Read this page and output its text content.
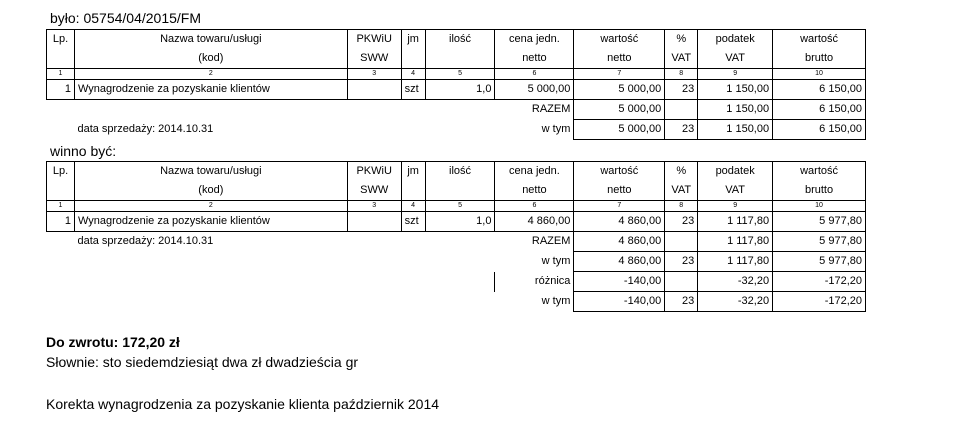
było: 05754/04/2015/FM
Lp.	Nazwa towaru/usługi	PKWiU	jm	ilość	cena jedn.	wartość	%	podatek	wartość
	(kod)	SWW			netto	netto	VAT	VAT	brutto
1	2	3	4	5	6	7	8	9	10
1	Wynagrodzenie za pozyskanie klientów		szt	1,0	5 000,00	5 000,00	23	1 150,00	6 150,00
					RAZEM	5 000,00		1 150,00	6 150,00
	data sprzedaży: 2014.10.31				w tym	5 000,00	23	1 150,00	6 150,00
winno być:
Lp.	Nazwa towaru/usługi	PKWiU	jm	ilość	cena jedn.	wartość	%	podatek	wartość
	(kod)	SWW			netto	netto	VAT	VAT	brutto
1	2	3	4	5	6	7	8	9	10
1	Wynagrodzenie za pozyskanie klientów		szt	1,0	4 860,00	4 860,00	23	1 117,80	5 977,80
	data sprzedaży: 2014.10.31				RAZEM	4 860,00		1 117,80	5 977,80
					w tym	4 860,00	23	1 117,80	5 977,80
					różnica	-140,00		-32,20	-172,20
					w tym	-140,00	23	-32,20	-172,20
Do zwrotu: 172,20 zł
Słownie: sto siedemdziesiąt dwa zł dwadzieścia gr
Korekta wynagrodzenia za pozyskanie klienta październik 2014
